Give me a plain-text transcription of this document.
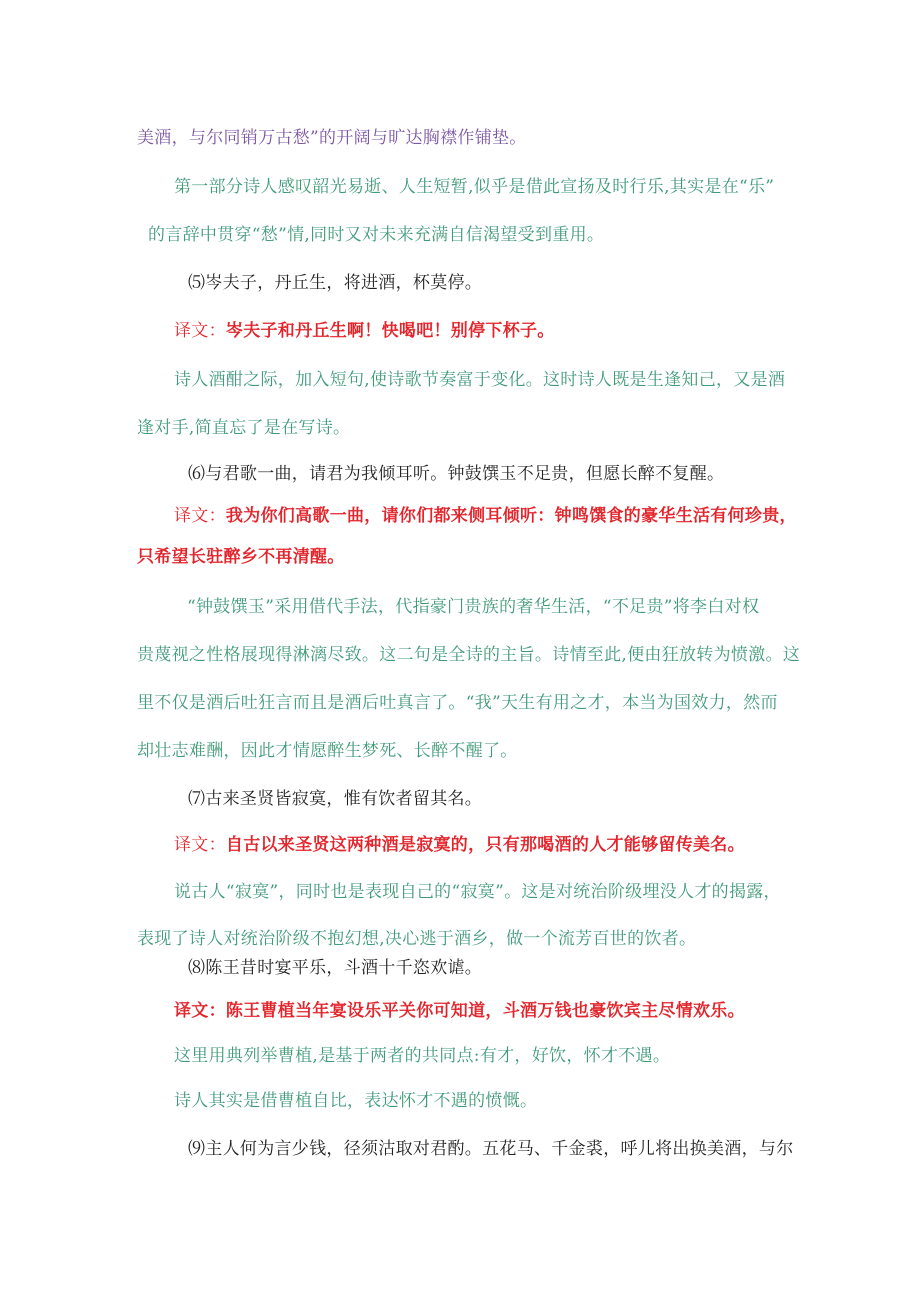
美酒，与尔同销万古愁”的开阔与旷达胸襟作铺垫。
第一部分诗人感叹韶光易逝、人生短暂,似乎是借此宣扬及时行乐,其实是在“乐”
的言辞中贯穿“愁”情,同时又对未来充满自信渴望受到重用。
⑸岑夫子，丹丘生，将进酒，杯莫停。
译文：岑夫子和丹丘生啊！快喝吧！别停下杯子。
诗人酒酣之际，加入短句,使诗歌节奏富于变化。这时诗人既是生逢知己，又是酒
逢对手,简直忘了是在写诗。
⑹与君歌一曲，请君为我倾耳听。钟鼓馔玉不足贵，但愿长醉不复醒。
译文：我为你们高歌一曲，请你们都来侧耳倾听：钟鸣馔食的豪华生活有何珍贵，
只希望长驻醉乡不再清醒。
“钟鼓馔玉”采用借代手法，代指豪门贵族的奢华生活，“不足贵”将李白对权
贵蔑视之性格展现得淋漓尽致。这二句是全诗的主旨。诗情至此,便由狂放转为愤激。这
里不仅是酒后吐狂言而且是酒后吐真言了。“我”天生有用之才，本当为国效力，然而
却壮志难酬，因此才情愿醉生梦死、长醉不醒了。
⑺古来圣贤皆寂寞，惟有饮者留其名。
译文：自古以来圣贤这两种酒是寂寞的，只有那喝酒的人才能够留传美名。
说古人“寂寞”，同时也是表现自己的“寂寞”。这是对统治阶级埋没人才的揭露，
表现了诗人对统治阶级不抱幻想,决心逃于酒乡，做一个流芳百世的饮者。
⑻陈王昔时宴平乐，斗酒十千恣欢谑。
译文：陈王曹植当年宴设乐平关你可知道，斗酒万钱也豪饮宾主尽情欢乐。
这里用典列举曹植,是基于两者的共同点:有才，好饮，怀才不遇。
诗人其实是借曹植自比，表达怀才不遇的愤慨。
⑼主人何为言少钱，径须沽取对君酌。五花马、千金裘，呼儿将出换美酒，与尔
